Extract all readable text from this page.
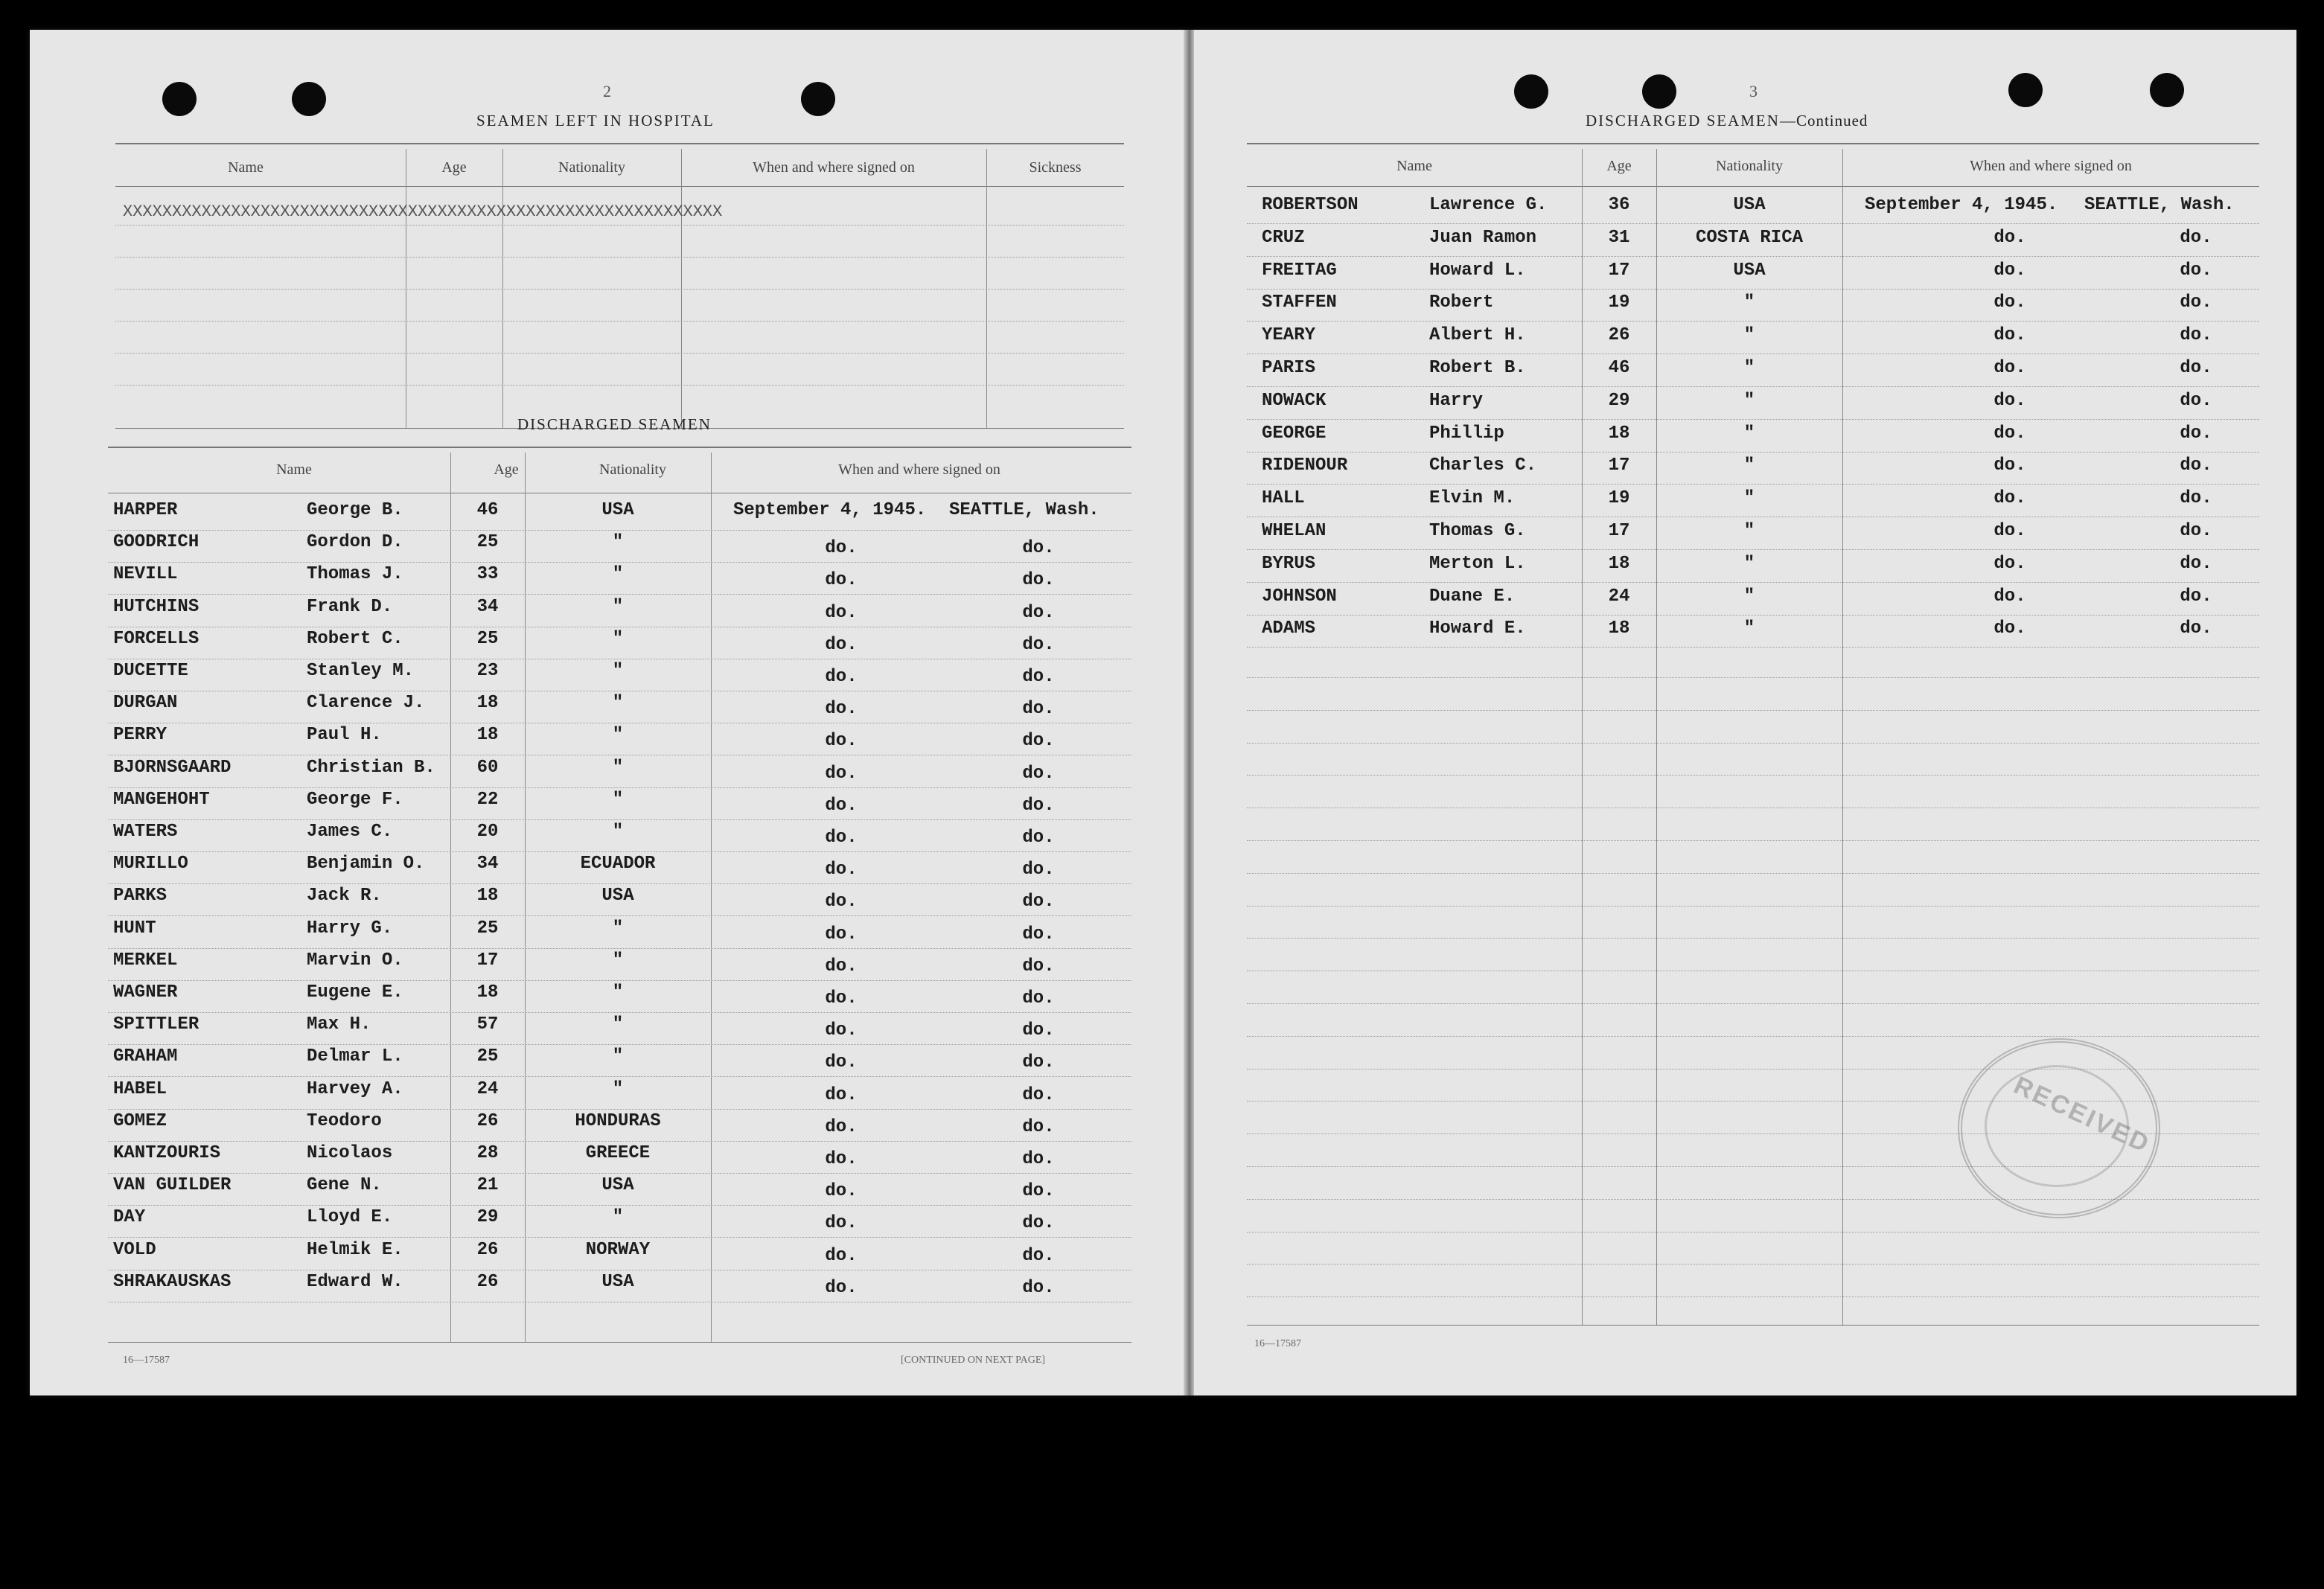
2
SEAMEN LEFT IN HOSPITAL
Name	Age	Nationality	When and where signed on	Sickness
XXXXXXXXXXXXXXXXXXXXXXXXXXXXXXXXXXXXXXXXXXXXXXXXXXXXXXXXXXXXX
DISCHARGED SEAMEN
Name	Age	Nationality	When and where signed on
HARPER	George B.	46	USA	September 4, 1945. SEATTLE, Wash.
GOODRICH	Gordon D.	25	"	do.	do.
NEVILL	Thomas J.	33	"	do.	do.
HUTCHINS	Frank D.	34	"	do.	do.
FORCELLS	Robert C.	25	"	do.	do.
DUCETTE	Stanley M.	23	"	do.	do.
DURGAN	Clarence J.	18	"	do.	do.
PERRY	Paul H.	18	"	do.	do.
BJORNSGAARD	Christian B.	60	"	do.	do.
MANGEHOHT	George F.	22	"	do.	do.
WATERS	James C.	20	"	do.	do.
MURILLO	Benjamin O.	34	ECUADOR	do.	do.
PARKS	Jack R.	18	USA	do.	do.
HUNT	Harry G.	25	"	do.	do.
MERKEL	Marvin O.	17	"	do.	do.
WAGNER	Eugene E.	18	"	do.	do.
SPITTLER	Max H.	57	"	do.	do.
GRAHAM	Delmar L.	25	"	do.	do.
HABEL	Harvey A.	24	"	do.	do.
GOMEZ	Teodoro	26	HONDURAS	do.	do.
KANTZOURIS	Nicolaos	28	GREECE	do.	do.
VAN GUILDER	Gene N.	21	USA	do.	do.
DAY	Lloyd E.	29	"	do.	do.
VOLD	Helmik E.	26	NORWAY	do.	do.
SHRAKAUSKAS	Edward W.	26	USA	do.	do.
16—17587	[CONTINUED ON NEXT PAGE]
3
DISCHARGED SEAMEN—Continued
Name	Age	Nationality	When and where signed on
ROBERTSON	Lawrence G.	36	USA	September 4, 1945. SEATTLE, Wash.
CRUZ	Juan Ramon	31	COSTA RICA	do.	do.
FREITAG	Howard L.	17	USA	do.	do.
STAFFEN	Robert	19	"	do.	do.
YEARY	Albert H.	26	"	do.	do.
PARIS	Robert B.	46	"	do.	do.
NOWACK	Harry	29	"	do.	do.
GEORGE	Phillip	18	"	do.	do.
RIDENOUR	Charles C.	17	"	do.	do.
HALL	Elvin M.	19	"	do.	do.
WHELAN	Thomas G.	17	"	do.	do.
BYRUS	Merton L.	18	"	do.	do.
JOHNSON	Duane E.	24	"	do.	do.
ADAMS	Howard E.	18	"	do.	do.
16—17587
RECEIVED
